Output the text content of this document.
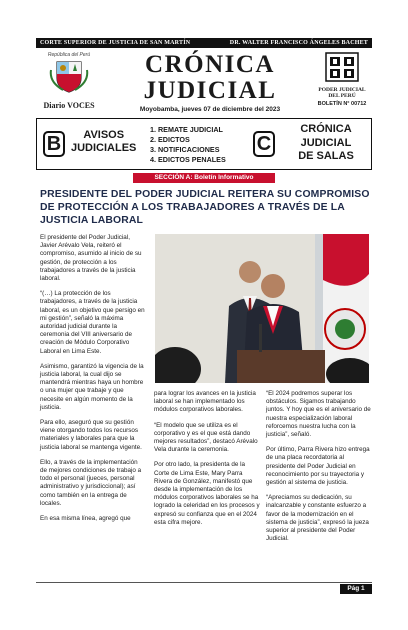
CORTE SUPERIOR DE JUSTICIA DE SAN MARTÍN	DR. WALTER FRANCISCO ÁNGELES BACHET
República del Perú
Diario VOCES
CRÓNICA
JUDICIAL
Moyobamba, jueves 07 de diciembre del 2023
PODER JUDICIAL
DEL PERÚ
BOLETÍN N° 00712
B	AVISOS
JUDICIALES
1. REMATE JUDICIAL
2. EDICTOS
3. NOTIFICACIONES
4. EDICTOS PENALES
C
CRÓNICA
JUDICIAL
DE SALAS
SECCIÓN A: Boletín Informativo
PRESIDENTE DEL PODER JUDICIAL REITERA SU COMPROMISO DE PROTECCIÓN A LOS TRABAJADORES A TRAVÉS DE LA JUSTICIA LABORAL

El presidente del Poder Judicial, Javier Arévalo Vela, reiteró el compromiso, asumido al inicio de su gestión, de protección a los trabajadores a través de la justicia laboral.

“(…) La protección de los trabajadores, a través de la justicia laboral, es un objetivo que persigo en mi gestión”, señaló la máxima autoridad judicial durante la ceremonia del VIII aniversario de creación de Módulo Corporativo Laboral en Lima Este.

Asimismo, garantizó la vigencia de la justicia laboral, la cual dijo se mantendrá mientras haya un hombre o una mujer que trabaje y que necesite en algún momento de la justicia.

Para ello, aseguró que su gestión viene otorgando todos los recursos materiales y laborales para que la justicia laboral se mantenga vigente.

Ello, a través de la implementación de mejores condiciones de trabajo a todo el personal (jueces, personal administrativo y jurisdiccional); así como también en la entrega de locales.

En esa misma línea, agregó que

para lograr los avances en la justicia laboral se han implementado los módulos corporativos laborales.

“El modelo que se utiliza es el corporativo y es el que está dando mejores resultados”, destacó Arévalo Vela durante la ceremonia.

Por otro lado, la presidenta de la Corte de Lima Este, Mary Parra Rivera de González, manifestó que desde la implementación de los módulos corporativos laborales se ha logrado la celeridad en los procesos y expresó su confianza que en el 2024 esta cifra mejore.

“El 2024 podremos superar los obstáculos. Sigamos trabajando juntos. Y hoy que es el aniversario de nuestra especialización laboral reforcemos nuestra lucha con la justicia”, señaló.

Por último, Parra Rivera hizo entrega de una placa recordatoria al presidente del Poder Judicial en reconocimiento por su trayectoria y gestión al sistema de justicia.

“Apreciamos su dedicación, su inalcanzable y constante esfuerzo a favor de la modernización en el sistema de justicia”, expresó la jueza superior al presidente del Poder Judicial.

Pág 1
